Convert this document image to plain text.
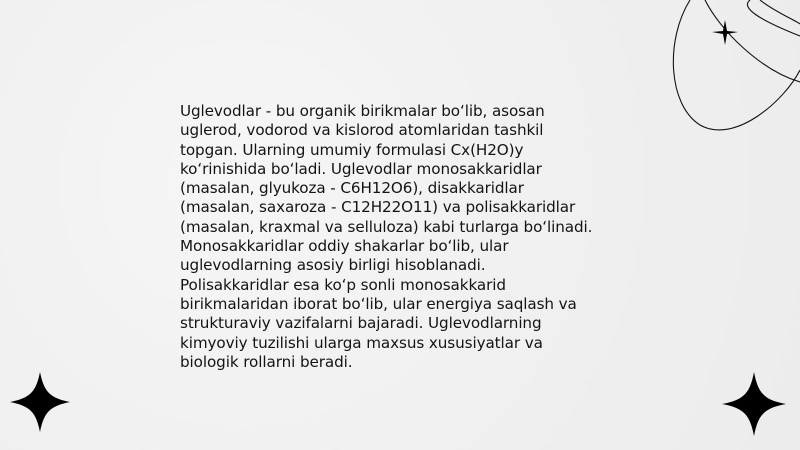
Uglevodlar - bu organik birikmalar boʻlib, asosan
uglerod, vodorod va kislorod atomlaridan tashkil
topgan. Ularning umumiy formulasi Cx(H2O)y
koʻrinishida boʻladi. Uglevodlar monosakkaridlar
(masalan, glyukoza - C6H12O6), disakkaridlar
(masalan, saxaroza - C12H22O11) va polisakkaridlar
(masalan, kraxmal va selluloza) kabi turlarga boʻlinadi.
Monosakkaridlar oddiy shakarlar boʻlib, ular
uglevodlarning asosiy birligi hisoblanadi.
Polisakkaridlar esa koʻp sonli monosakkarid
birikmalaridan iborat boʻlib, ular energiya saqlash va
strukturaviy vazifalarni bajaradi. Uglevodlarning
kimyoviy tuzilishi ularga maxsus xususiyatlar va
biologik rollarni beradi.
